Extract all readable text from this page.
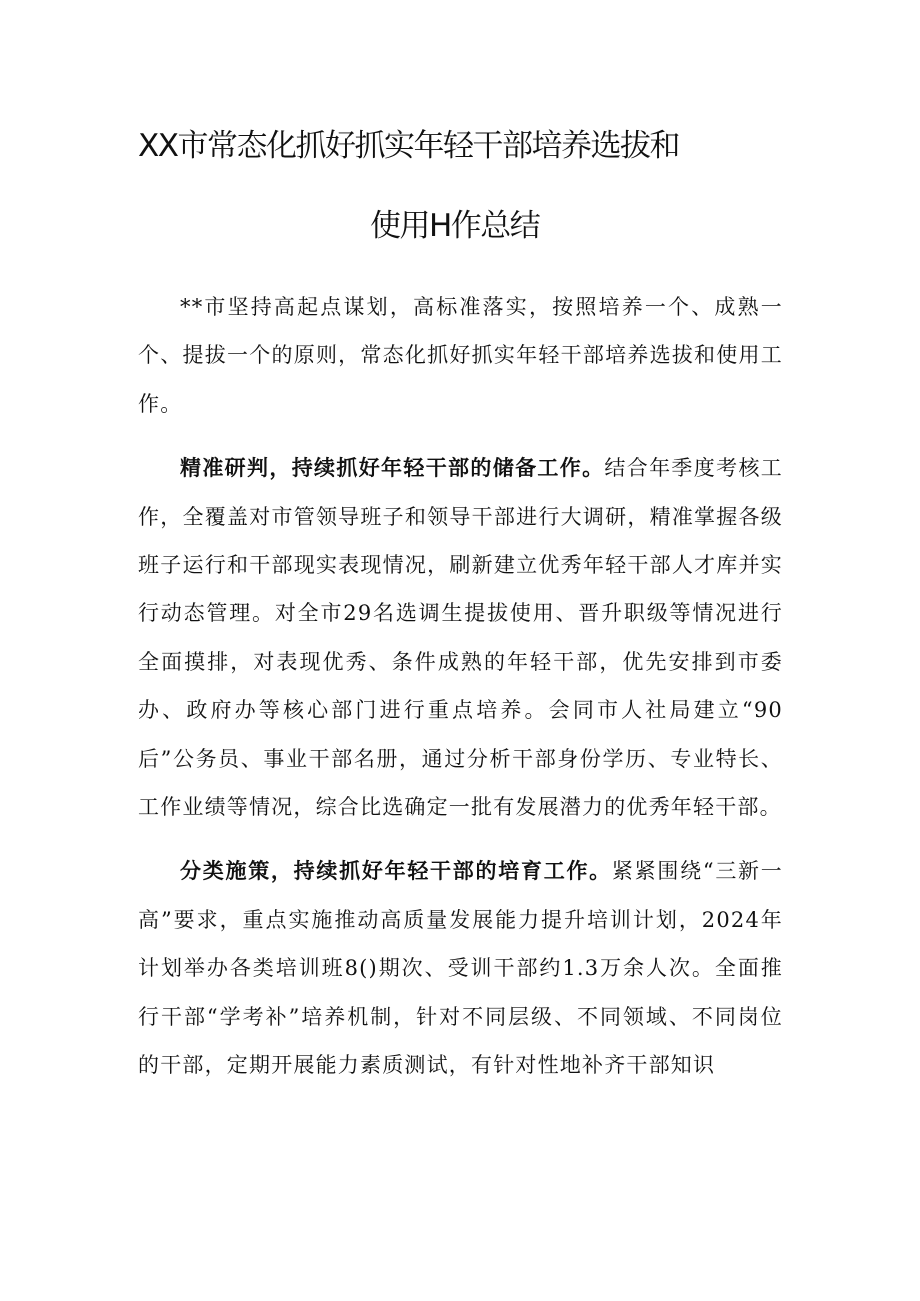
XX市常态化抓好抓实年轻干部培养选拔和
使用H作总结

**市坚持高起点谋划，高标准落实，按照培养一个、成熟一个、提拔一个的原则，常态化抓好抓实年轻干部培养选拔和使用工作。

精准研判，持续抓好年轻干部的储备工作。结合年季度考核工作，全覆盖对市管领导班子和领导干部进行大调研，精准掌握各级班子运行和干部现实表现情况，刷新建立优秀年轻干部人才库并实行动态管理。对全市29名选调生提拔使用、晋升职级等情况进行全面摸排，对表现优秀、条件成熟的年轻干部，优先安排到市委办、政府办等核心部门进行重点培养。会同市人社局建立“90后”公务员、事业干部名册，通过分析干部身份学历、专业特长、工作业绩等情况，综合比选确定一批有发展潜力的优秀年轻干部。

分类施策，持续抓好年轻干部的培育工作。紧紧围绕“三新一高”要求，重点实施推动高质量发展能力提升培训计划，2024年计划举办各类培训班8()期次、受训干部约1.3万余人次。全面推行干部“学考补”培养机制，针对不同层级、不同领域、不同岗位的干部，定期开展能力素质测试，有针对性地补齐干部知识
